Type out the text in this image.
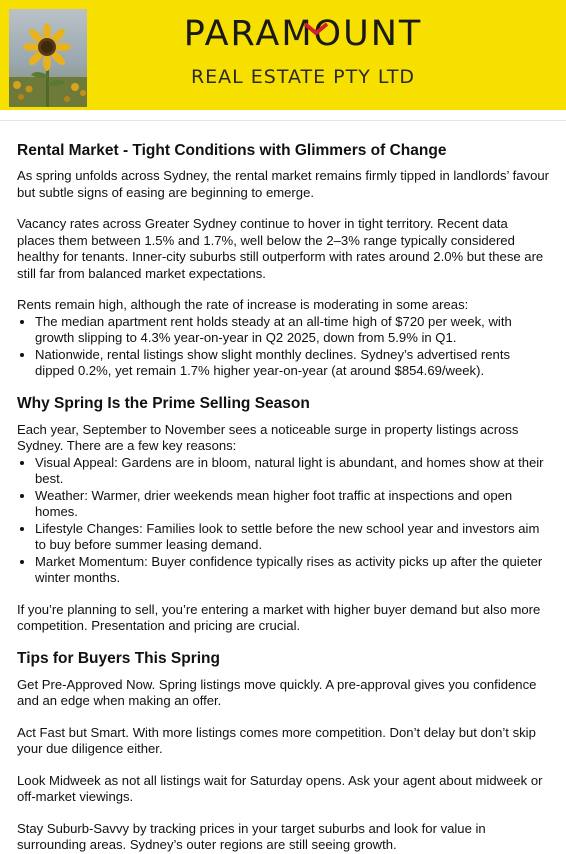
PARAMOUNT
REAL ESTATE PTY LTD
Rental Market - Tight Conditions with Glimmers of Change

As spring unfolds across Sydney, the rental market remains firmly tipped in landlords’ favour but subtle signs of easing are beginning to emerge.

Vacancy rates across Greater Sydney continue to hover in tight territory. Recent data places them between 1.5% and 1.7%, well below the 2–3% range typically considered healthy for tenants. Inner-city suburbs still outperform with rates around 2.0% but these are still far from balanced market expectations.

Rents remain high, although the rate of increase is moderating in some areas:

• The median apartment rent holds steady at an all-time high of $720 per week, with growth slipping to 4.3% year-on-year in Q2 2025, down from 5.9% in Q1.
• Nationwide, rental listings show slight monthly declines. Sydney’s advertised rents dipped 0.2%, yet remain 1.7% higher year-on-year (at around $854.69/week).
Why Spring Is the Prime Selling Season

Each year, September to November sees a noticeable surge in property listings across Sydney. There are a few key reasons:

• Visual Appeal: Gardens are in bloom, natural light is abundant, and homes show at their best.
• Weather: Warmer, drier weekends mean higher foot traffic at inspections and open homes.
• Lifestyle Changes: Families look to settle before the new school year and investors aim to buy before summer leasing demand.
• Market Momentum: Buyer confidence typically rises as activity picks up after the quieter winter months.

If you’re planning to sell, you’re entering a market with higher buyer demand but also more competition. Presentation and pricing are crucial.

Tips for Buyers This Spring

Get Pre-Approved Now. Spring listings move quickly. A pre-approval gives you confidence and an edge when making an offer.

Act Fast but Smart. With more listings comes more competition. Don’t delay but don’t skip your due diligence either.

Look Midweek as not all listings wait for Saturday opens. Ask your agent about midweek or off-market viewings.

Stay Suburb-Savvy by tracking prices in your target suburbs and look for value in surrounding areas. Sydney’s outer regions are still seeing growth.
